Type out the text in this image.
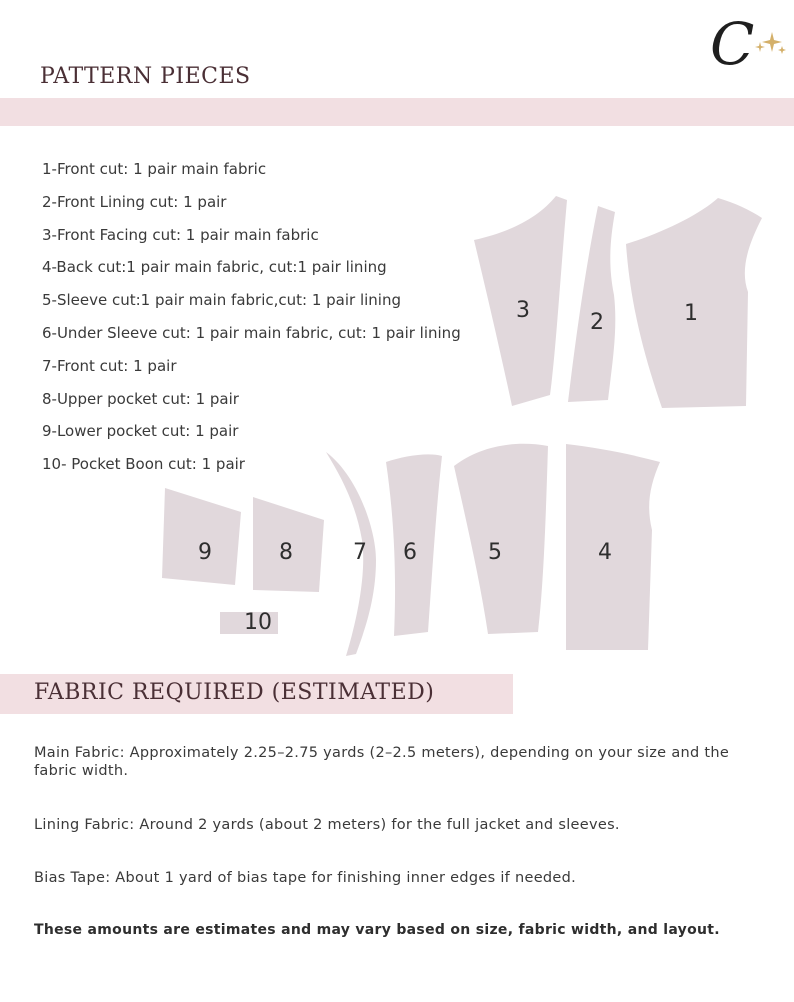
C
PATTERN PIECES
1-Front cut: 1 pair main fabric
2-Front Lining cut: 1 pair
3-Front Facing cut: 1 pair main fabric
4-Back cut:1 pair main fabric, cut:1 pair lining
5-Sleeve cut:1 pair main fabric,cut: 1 pair lining
6-Under Sleeve cut: 1 pair main fabric, cut: 1 pair lining
7-Front cut: 1 pair
8-Upper pocket cut: 1 pair
9-Lower pocket cut: 1 pair
10- Pocket Boon cut: 1 pair
3	2	1
9	8	7 6	5	4
10
FABRIC REQUIRED (ESTIMATED)

Main Fabric: Approximately 2.25–2.75 yards (2–2.5 meters), depending on your size and the fabric width.

Lining Fabric: Around 2 yards (about 2 meters) for the full jacket and sleeves.

Bias Tape: About 1 yard of bias tape for finishing inner edges if needed.

These amounts are estimates and may vary based on size, fabric width, and layout.
